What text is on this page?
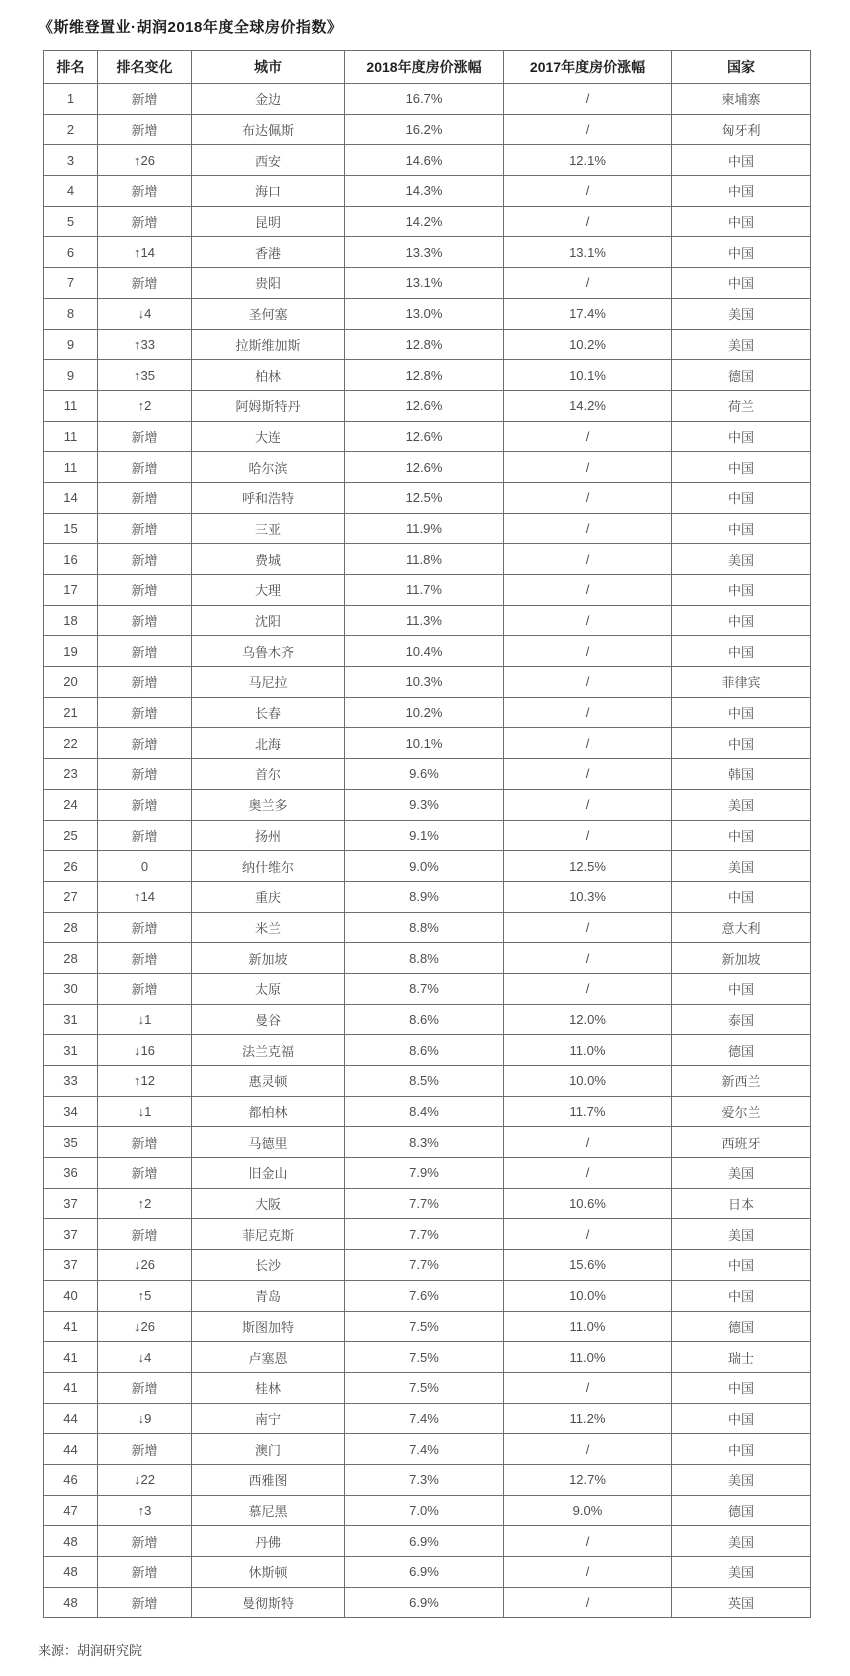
《斯维登置业·胡润2018年度全球房价指数》
排名	排名变化	城市	2018年度房价涨幅	2017年度房价涨幅	国家
1	新增	金边	16.7%	/	柬埔寨
2	新增	布达佩斯	16.2%	/	匈牙利
3	↑26	西安	14.6%	12.1%	中国
4	新增	海口	14.3%	/	中国
5	新增	昆明	14.2%	/	中国
6	↑14	香港	13.3%	13.1%	中国
7	新增	贵阳	13.1%	/	中国
8	↓4	圣何塞	13.0%	17.4%	美国
9	↑33	拉斯维加斯	12.8%	10.2%	美国
9	↑35	柏林	12.8%	10.1%	德国
11	↑2	阿姆斯特丹	12.6%	14.2%	荷兰
11	新增	大连	12.6%	/	中国
11	新增	哈尔滨	12.6%	/	中国
14	新增	呼和浩特	12.5%	/	中国
15	新增	三亚	11.9%	/	中国
16	新增	费城	11.8%	/	美国
17	新增	大理	11.7%	/	中国
18	新增	沈阳	11.3%	/	中国
19	新增	乌鲁木齐	10.4%	/	中国
20	新增	马尼拉	10.3%	/	菲律宾
21	新增	长春	10.2%	/	中国
22	新增	北海	10.1%	/	中国
23	新增	首尔	9.6%	/	韩国
24	新增	奥兰多	9.3%	/	美国
25	新增	扬州	9.1%	/	中国
26	0	纳什维尔	9.0%	12.5%	美国
27	↑14	重庆	8.9%	10.3%	中国
28	新增	米兰	8.8%	/	意大利
28	新增	新加坡	8.8%	/	新加坡
30	新增	太原	8.7%	/	中国
31	↓1	曼谷	8.6%	12.0%	泰国
31	↓16	法兰克福	8.6%	11.0%	德国
33	↑12	惠灵顿	8.5%	10.0%	新西兰
34	↓1	都柏林	8.4%	11.7%	爱尔兰
35	新增	马德里	8.3%	/	西班牙
36	新增	旧金山	7.9%	/	美国
37	↑2	大阪	7.7%	10.6%	日本
37	新增	菲尼克斯	7.7%	/	美国
37	↓26	长沙	7.7%	15.6%	中国
40	↑5	青岛	7.6%	10.0%	中国
41	↓26	斯图加特	7.5%	11.0%	德国
41	↓4	卢塞恩	7.5%	11.0%	瑞士
41	新增	桂林	7.5%	/	中国
44	↓9	南宁	7.4%	11.2%	中国
44	新增	澳门	7.4%	/	中国
46	↓22	西雅图	7.3%	12.7%	美国
47	↑3	慕尼黑	7.0%	9.0%	德国
48	新增	丹佛	6.9%	/	美国
48	新增	休斯顿	6.9%	/	美国
48	新增	曼彻斯特	6.9%	/	英国
来源：胡润研究院
